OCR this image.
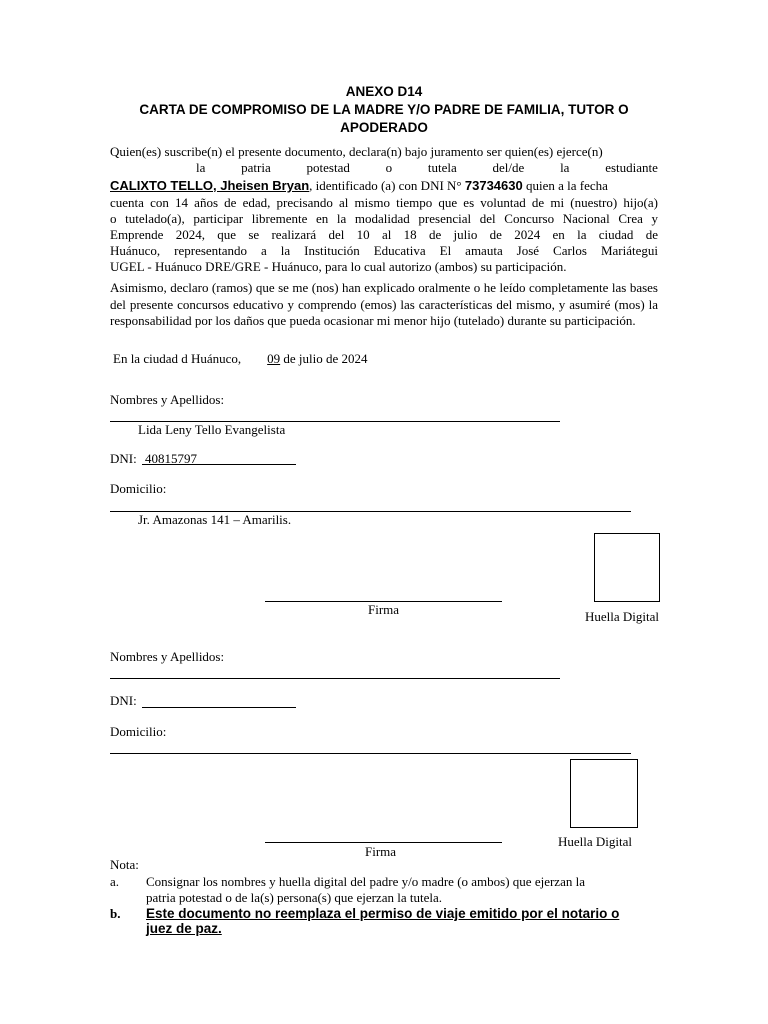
ANEXO D14
CARTA DE COMPROMISO DE LA MADRE Y/O PADRE DE FAMILIA, TUTOR O
APODERADO
Quien(es) suscribe(n) el presente documento, declara(n) bajo juramento ser quien(es) ejerce(n)
la	patria	potestad	o	tutela	del/de	la	estudiante
CALIXTO TELLO, Jheisen Bryan, identificado (a) con DNI N° 73734630 quien a la fecha
cuenta con 14 años de edad, precisando al mismo tiempo que es voluntad de mi (nuestro) hijo(a)
o tutelado(a), participar libremente en la modalidad presencial del Concurso Nacional Crea y
Emprende 2024, que se realizará del 10 al 18 de julio de 2024 en la ciudad de
Huánuco, representando a la Institución Educativa El amauta José Carlos Mariátegui
UGEL - Huánuco DRE/GRE - Huánuco, para lo cual autorizo (ambos) su participación.
Asimismo, declaro (ramos) que se me (nos) han explicado oralmente o he leído completamente las bases del presente concursos educativo y comprendo (emos) las características del mismo, y asumiré (mos) la responsabilidad por los daños que pueda ocasionar mi menor hijo (tutelado) durante su participación.
En la ciudad d Huánuco, 09 de julio de 2024
Nombres y Apellidos:
Lida Leny Tello Evangelista
DNI: 40815797
Domicilio:
Jr. Amazonas 141 – Amarilis.
Firma	Huella Digital
Nombres y Apellidos:
DNI:
Domicilio:
Huella Digital
Firma
Nota:
a. Consignar los nombres y huella digital del padre y/o madre (o ambos) que ejerzan la
patria potestad o de la(s) persona(s) que ejerzan la tutela.
b. Este documento no reemplaza el permiso de viaje emitido por el notario o
juez de paz.
